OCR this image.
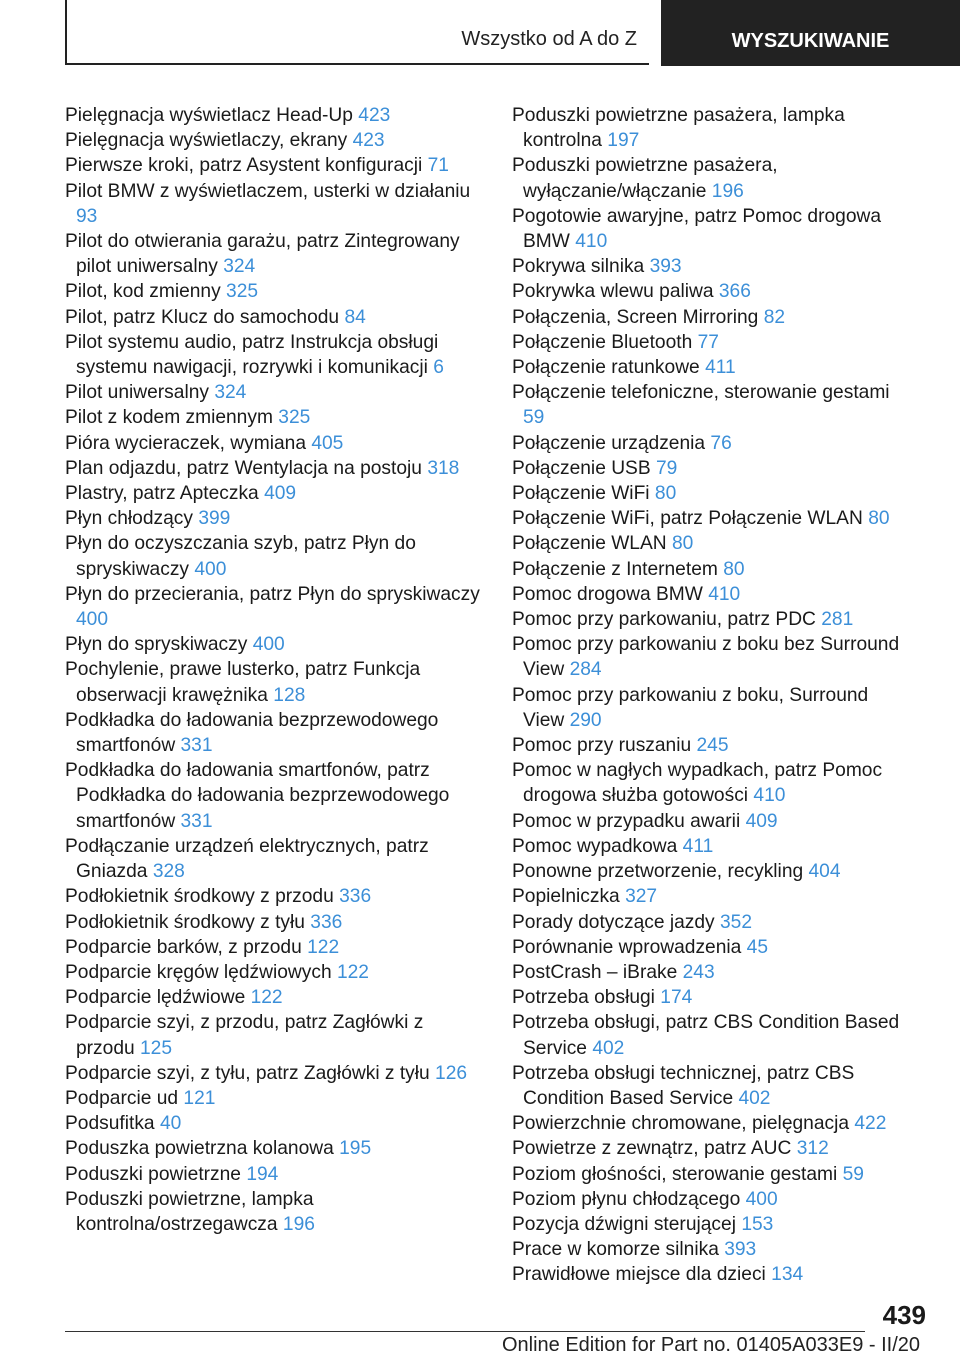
Wszystko od A do Z	WYSZUKIWANIE
Pielęgnacja wyświetlacz Head-Up 423
Pielęgnacja wyświetlaczy, ekrany 423
Pierwsze kroki, patrz Asystent konfiguracji 71
Pilot BMW z wyświetlaczem, usterki w działaniu 93
Pilot do otwierania garażu, patrz Zintegrowany pilot uniwersalny 324
Pilot, kod zmienny 325
Pilot, patrz Klucz do samochodu 84
Pilot systemu audio, patrz Instrukcja obsługi systemu nawigacji, rozrywki i komunikacji 6
Pilot uniwersalny 324
Pilot z kodem zmiennym 325
Pióra wycieraczek, wymiana 405
Plan odjazdu, patrz Wentylacja na postoju 318
Plastry, patrz Apteczka 409
Płyn chłodzący 399
Płyn do oczyszczania szyb, patrz Płyn do spryskiwaczy 400
Płyn do przecierania, patrz Płyn do spryskiwaczy 400
Płyn do spryskiwaczy 400
Pochylenie, prawe lusterko, patrz Funkcja obserwacji krawężnika 128
Podkładka do ładowania bezprzewodowego smartfonów 331
Podkładka do ładowania smartfonów, patrz Podkładka do ładowania bezprzewodowego smartfonów 331
Podłączanie urządzeń elektrycznych, patrz Gniazda 328
Podłokietnik środkowy z przodu 336
Podłokietnik środkowy z tyłu 336
Podparcie barków, z przodu 122
Podparcie kręgów lędźwiowych 122
Podparcie lędźwiowe 122
Podparcie szyi, z przodu, patrz Zagłówki z przodu 125
Podparcie szyi, z tyłu, patrz Zagłówki z tyłu 126
Podparcie ud 121
Podsufitka 40
Poduszka powietrzna kolanowa 195
Poduszki powietrzne 194
Poduszki powietrzne, lampka kontrolna/ostrzegawcza 196
Poduszki powietrzne pasażera, lampka kontrolna 197
Poduszki powietrzne pasażera, wyłączanie/włączanie 196
Pogotowie awaryjne, patrz Pomoc drogowa BMW 410
Pokrywa silnika 393
Pokrywka wlewu paliwa 366
Połączenia, Screen Mirroring 82
Połączenie Bluetooth 77
Połączenie ratunkowe 411
Połączenie telefoniczne, sterowanie gestami 59
Połączenie urządzenia 76
Połączenie USB 79
Połączenie WiFi 80
Połączenie WiFi, patrz Połączenie WLAN 80
Połączenie WLAN 80
Połączenie z Internetem 80
Pomoc drogowa BMW 410
Pomoc przy parkowaniu, patrz PDC 281
Pomoc przy parkowaniu z boku bez Surround View 284
Pomoc przy parkowaniu z boku, Surround View 290
Pomoc przy ruszaniu 245
Pomoc w nagłych wypadkach, patrz Pomoc drogowa służba gotowości 410
Pomoc w przypadku awarii 409
Pomoc wypadkowa 411
Ponowne przetworzenie, recykling 404
Popielniczka 327
Porady dotyczące jazdy 352
Porównanie wprowadzenia 45
PostCrash – iBrake 243
Potrzeba obsługi 174
Potrzeba obsługi, patrz CBS Condition Based Service 402
Potrzeba obsługi technicznej, patrz CBS Condition Based Service 402
Powierzchnie chromowane, pielęgnacja 422
Powietrze z zewnątrz, patrz AUC 312
Poziom głośności, sterowanie gestami 59
Poziom płynu chłodzącego 400
Pozycja dźwigni sterującej 153
Prace w komorze silnika 393
Prawidłowe miejsce dla dzieci 134
439
Online Edition for Part no. 01405A033E9 - II/20
